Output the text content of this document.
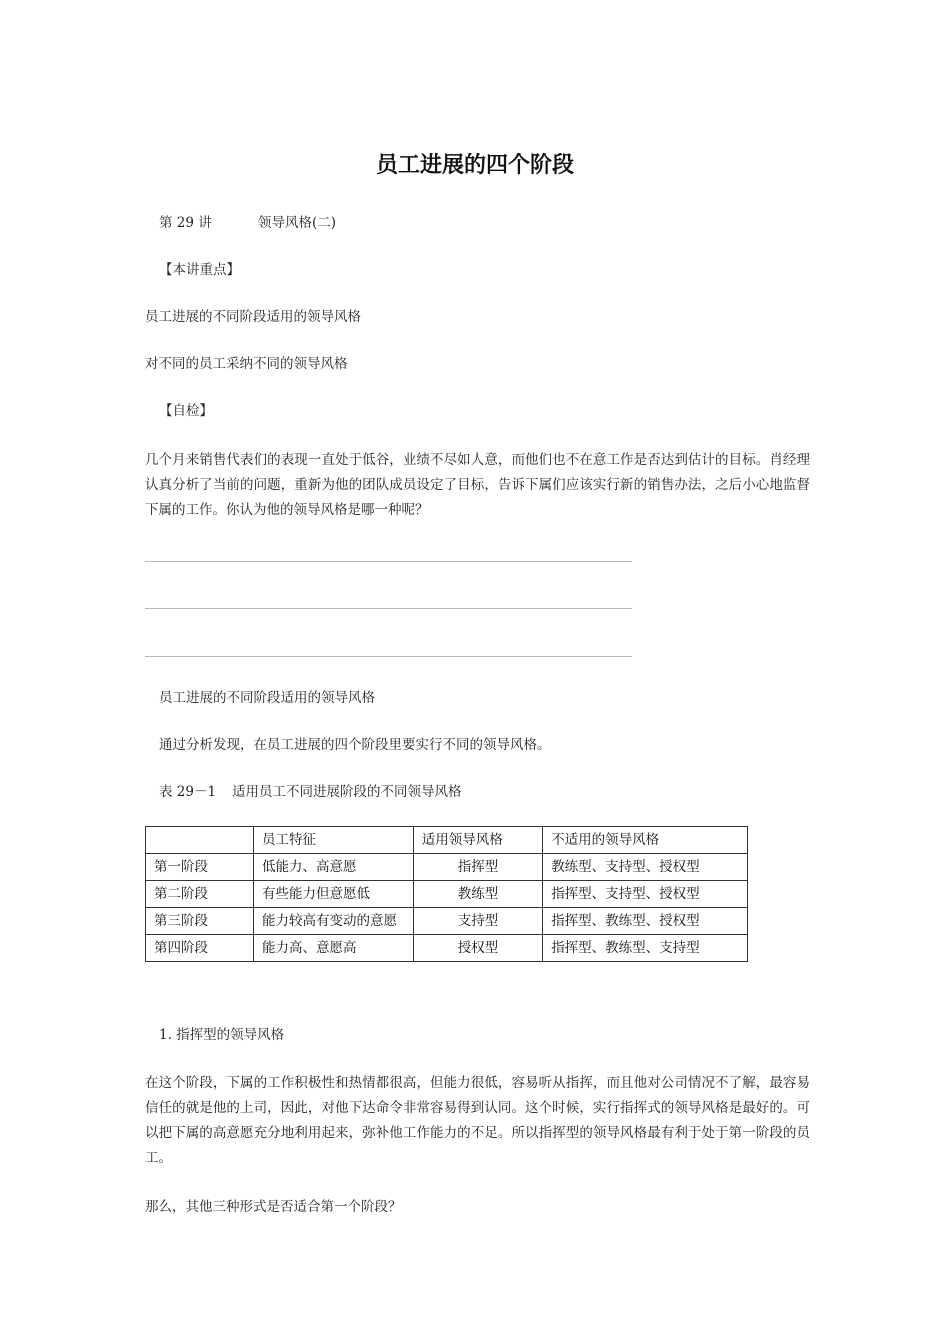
员工进展的四个阶段
第 29 讲	领导风格(二)
【本讲重点】
员工进展的不同阶段适用的领导风格
对不同的员工采纳不同的领导风格
【自检】
几个月来销售代表们的表现一直处于低谷，业绩不尽如人意，而他们也不在意工作是否达到估计的目标。肖经理认真分析了当前的问题，重新为他的团队成员设定了目标，告诉下属们应该实行新的销售办法，之后小心地监督下属的工作。你认为他的领导风格是哪一种呢？
员工进展的不同阶段适用的领导风格
通过分析发现，在员工进展的四个阶段里要实行不同的领导风格。
表 29－1 适用员工不同进展阶段的不同领导风格
	员工特征	适用领导风格	不适用的领导风格
第一阶段	低能力、高意愿	指挥型	教练型、支持型、授权型
第二阶段	有些能力但意愿低	教练型	指挥型、支持型、授权型
第三阶段	能力较高有变动的意愿	支持型	指挥型、教练型、授权型
第四阶段	能力高、意愿高	授权型	指挥型、教练型、支持型
1. 指挥型的领导风格
在这个阶段，下属的工作积极性和热情都很高，但能力很低，容易听从指挥，而且他对公司情况不了解，最容易信任的就是他的上司，因此，对他下达命令非常容易得到认同。这个时候，实行指挥式的领导风格是最好的。可以把下属的高意愿充分地利用起来，弥补他工作能力的不足。所以指挥型的领导风格最有利于处于第一阶段的员工。
那么，其他三种形式是否适合第一个阶段？
